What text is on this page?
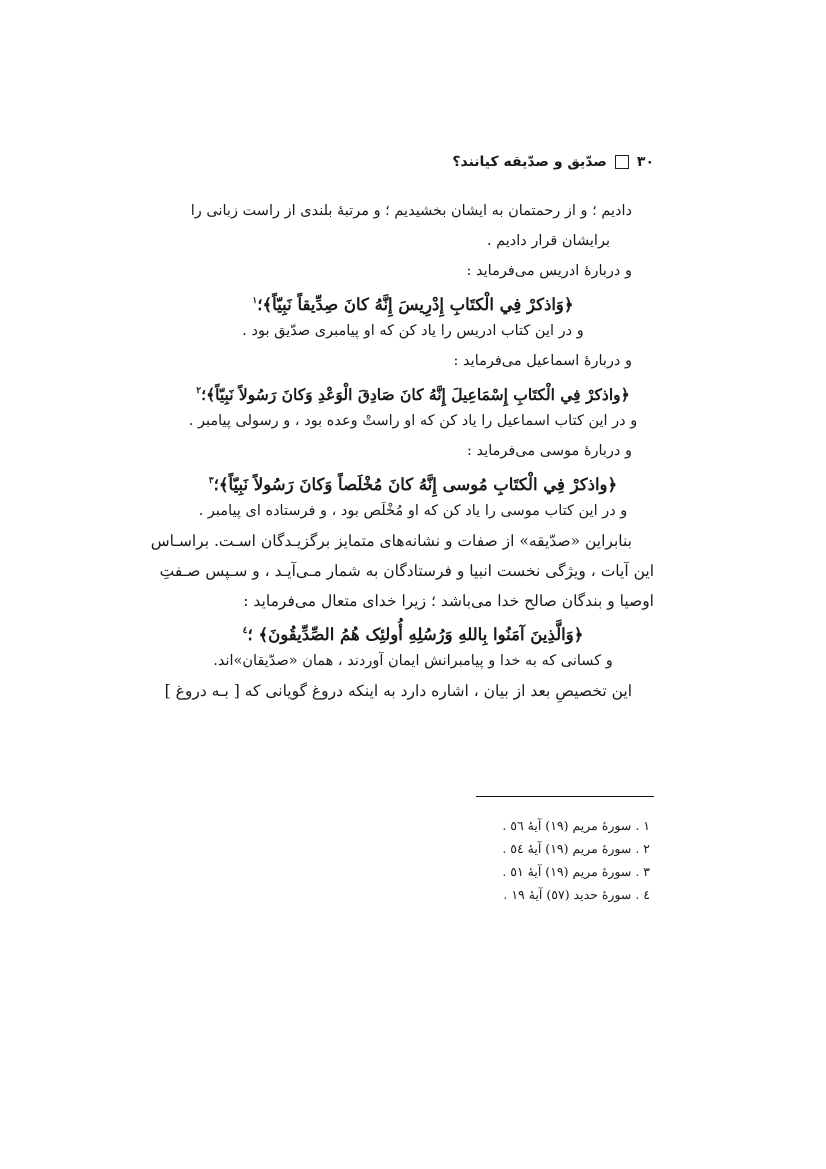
۳۰
صدّيق و صدّيقه کيانند؟
داديم ؛ و از رحمتمان به ايشان بخشيديم ؛ و مرتبهٔ بلندی از راست زبانی را
برايشان قرار داديم .
و دربارهٔ ادريس می‌فرمايد :
﴿وَاذكرْ فِي الْكتَابِ إِدْرِيسَ إِنَّهُ كانَ صِدِّيقاً نَبِيّاً﴾؛$^۱$
و در اين کتاب ادريس را ياد کن که او پيامبری صدّيق بود .
و دربارهٔ اسماعيل می‌فرمايد :
﴿واذكرْ فِي الْكتَابِ إِسْمَاعِيلَ إِنَّهُ كانَ صَادِقَ الْوَعْدِ وَكانَ رَسُولاً نَبِيّاً﴾؛$^۲$
و در اين کتاب اسماعيل را ياد کن که او راستْ وعده بود ، و رسولی پيامبر .
و دربارهٔ موسی می‌فرمايد :
﴿واذكرْ فِي الْكتَابِ مُوسى إِنَّهُ كانَ مُخْلَصاً وَكانَ رَسُولاً نَبِيّاً﴾؛$^۳$
و در اين کتاب موسی را ياد کن که او مُخْلَص بود ، و فرستاده ای پيامبر .
بنابراين «صدّيقه» از صفات و نشانه‌های متمايز برگزيـدگان اسـت. براسـاس
اين آيات ، ويژگی نخست انبيا و فرستادگان به شمار مـی‌آيـد ، و سـپس صـفتِ
اوصيا و بندگان صالح خدا می‌باشد ؛ زيرا خدای متعال می‌فرمايد :
﴿وَالَّذِينَ آمَنُوا بِاللهِ وَرُسُلِهِ أُولئِک هُمُ الصِّدِّيقُونَ﴾ ؛$^٤$
و کسانی که به خدا و پيامبرانش ايمان آوردند ، همان «صدّيقان»اند.
اين تخصيصِ بعد از بيان ، اشاره دارد به اينکه دروغ گويانی که [ بـه دروغ ]
۱ . سورهٔ مريم (۱۹) آيهٔ ٥٦ .
۲ . سورهٔ مريم (۱۹) آيهٔ ٥٤ .
۳ . سورهٔ مريم (۱۹) آيهٔ ٥۱ .
٤ . سورهٔ حديد (٥٧) آيهٔ ۱۹ .
